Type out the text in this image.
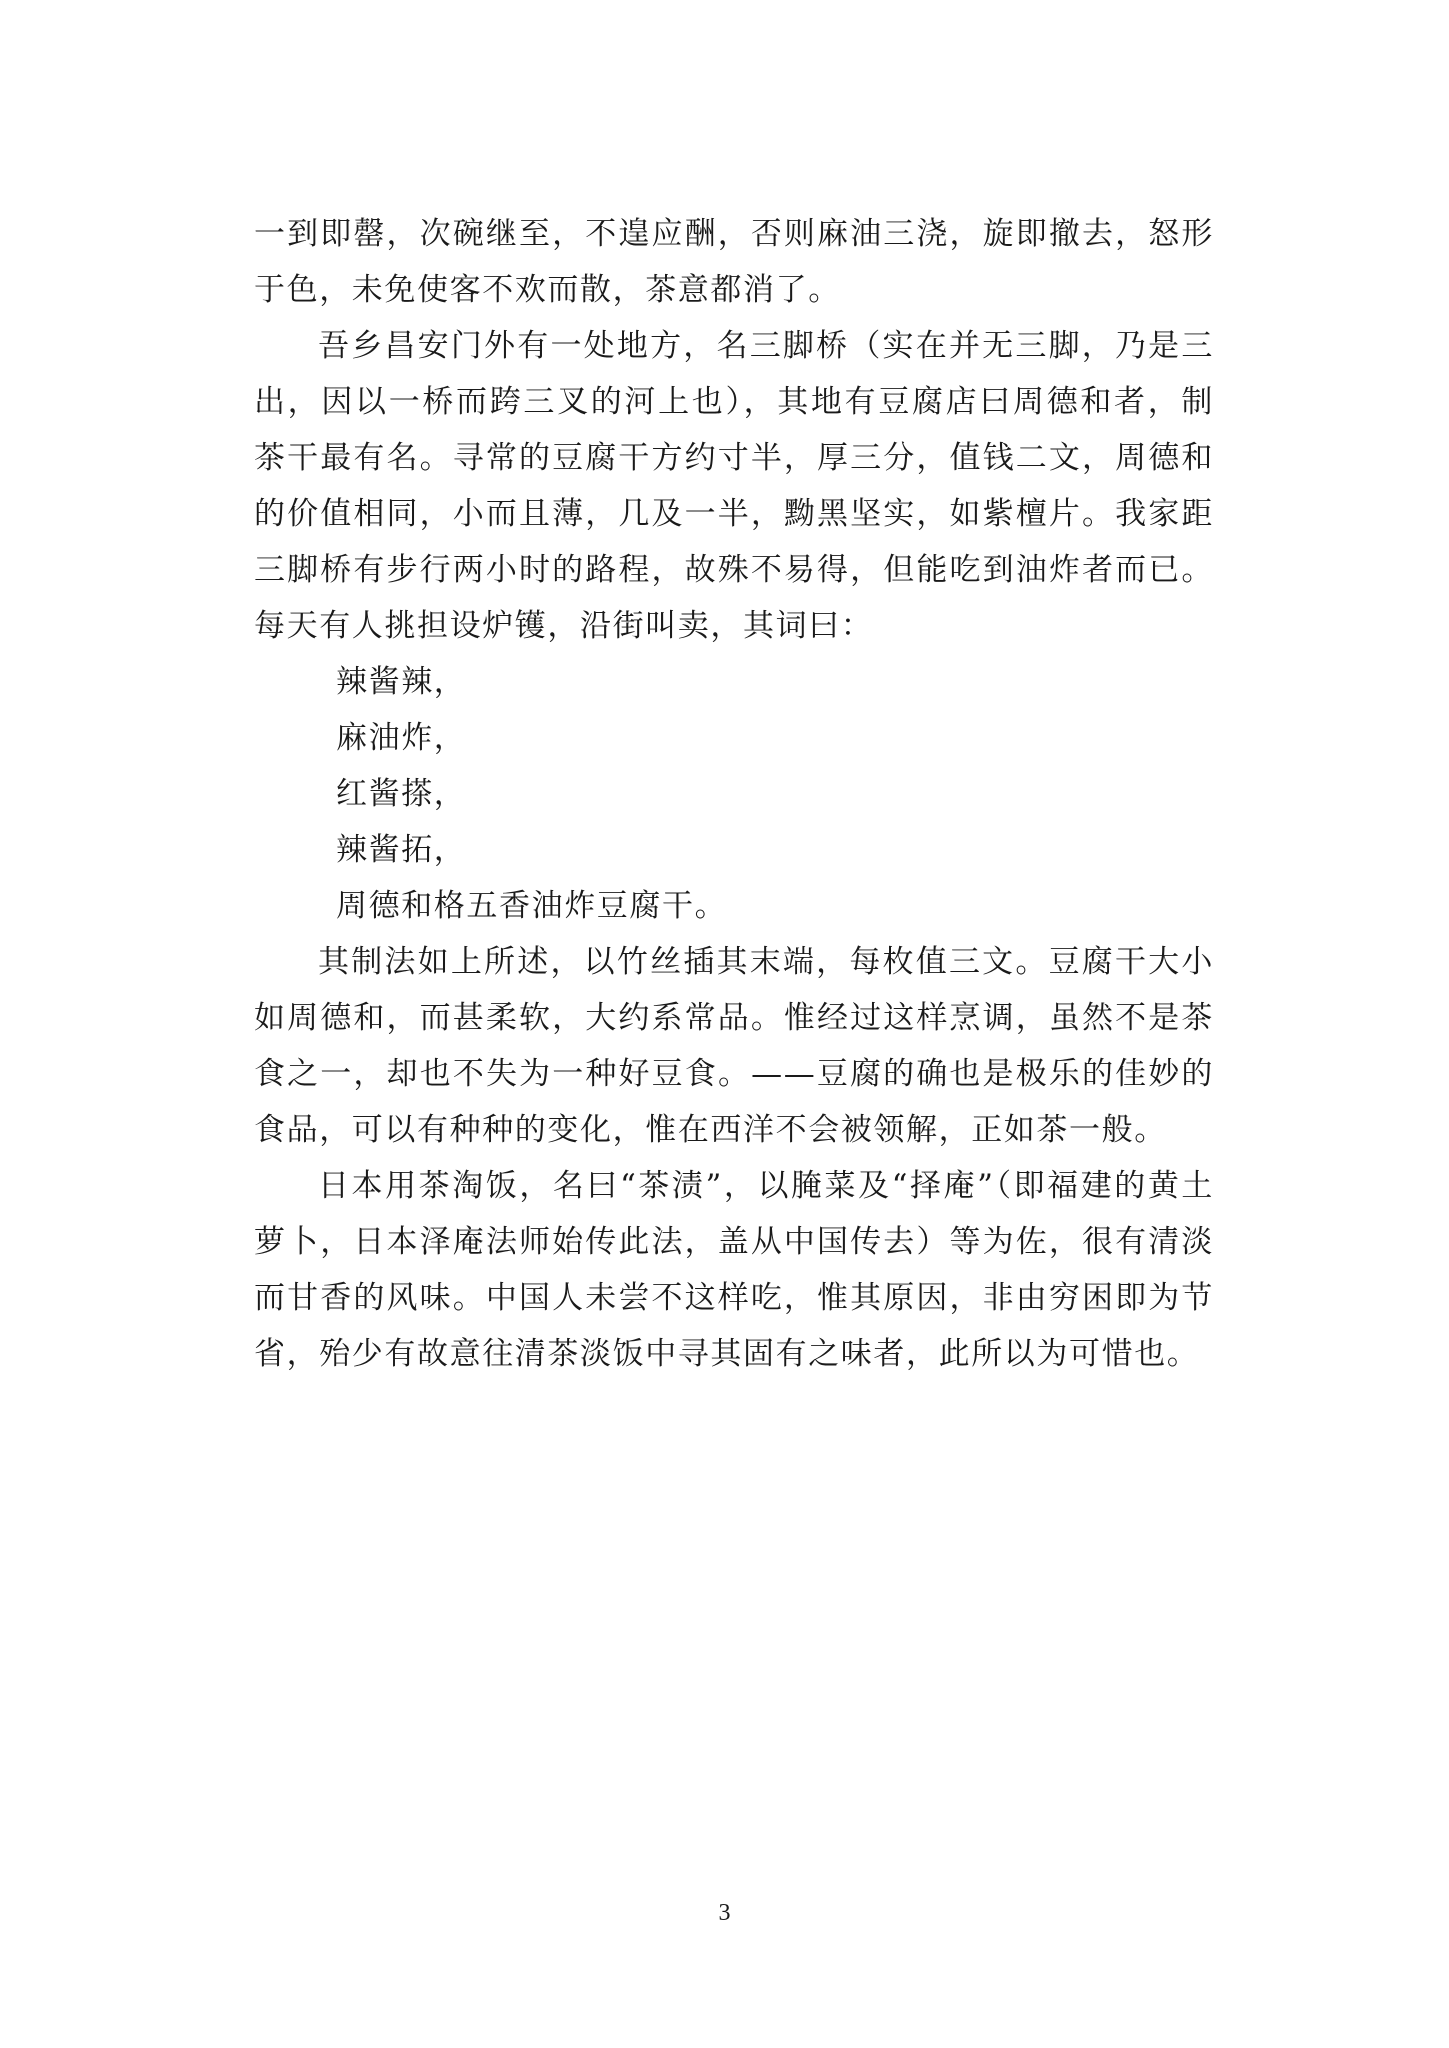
一到即罄，次碗继至，不遑应酬，否则麻油三浇，旋即撤去，怒形于色，未免使客不欢而散，茶意都消了。

吾乡昌安门外有一处地方，名三脚桥（实在并无三脚，乃是三出，因以一桥而跨三叉的河上也），其地有豆腐店曰周德和者，制茶干最有名。寻常的豆腐干方约寸半，厚三分，值钱二文，周德和的价值相同，小而且薄，几及一半，黝黑坚实，如紫檀片。我家距三脚桥有步行两小时的路程，故殊不易得，但能吃到油炸者而已。每天有人挑担设炉镬，沿街叫卖，其词曰：

辣酱辣，
麻油炸，
红酱搽，
辣酱拓，
周德和格五香油炸豆腐干。

其制法如上所述，以竹丝插其末端，每枚值三文。豆腐干大小如周德和，而甚柔软，大约系常品。惟经过这样烹调，虽然不是茶食之一，却也不失为一种好豆食。——豆腐的确也是极乐的佳妙的食品，可以有种种的变化，惟在西洋不会被领解，正如茶一般。

日本用茶淘饭，名曰“茶渍”，以腌菜及“择庵”（即福建的黄土萝卜，日本泽庵法师始传此法，盖从中国传去）等为佐，很有清淡而甘香的风味。中国人未尝不这样吃，惟其原因，非由穷困即为节省，殆少有故意往清茶淡饭中寻其固有之味者，此所以为可惜也。

3
